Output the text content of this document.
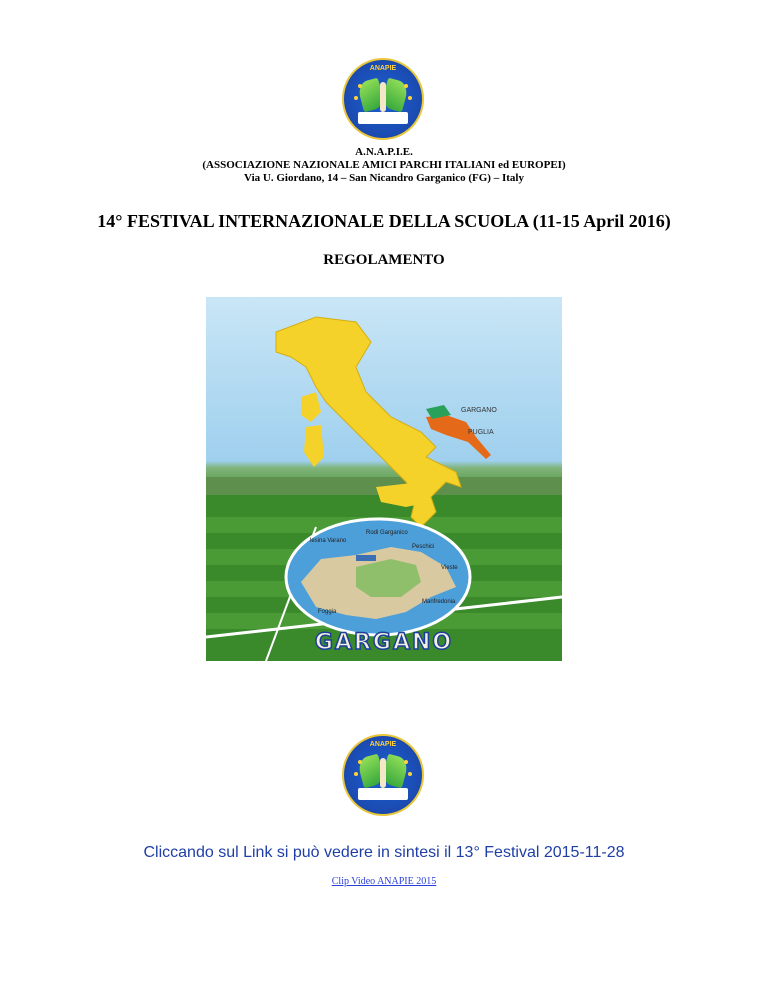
ANAPIE
A.N.A.P.I.E.
(ASSOCIAZIONE NAZIONALE AMICI PARCHI ITALIANI ed EUROPEI)
Via U. Giordano, 14 – San Nicandro Garganico (FG) – Italy
14° FESTIVAL INTERNAZIONALE DELLA SCUOLA (11-15 April 2016)
REGOLAMENTO
GARGANO
PUGLIA
lesina Varano
Rodi Garganico
Peschici
Vieste
Manfredonia
Foggia
GARGANO
ANAPIE
Cliccando sul Link si può vedere in sintesi il 13° Festival 2015-11-28
Clip Video ANAPIE 2015
